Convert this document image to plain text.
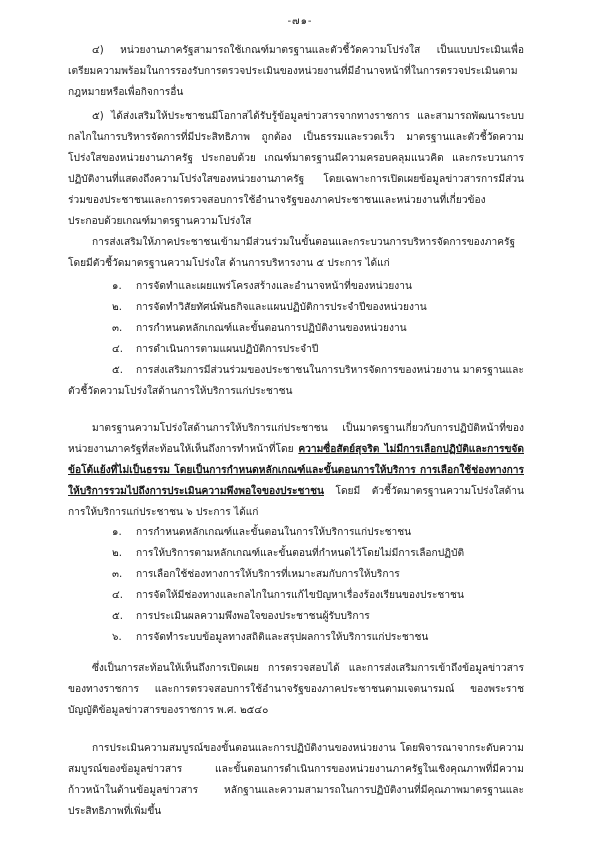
-๗๑-

๔) หน่วยงานภาครัฐสามารถใช้เกณฑ์มาตรฐานและตัวชี้วัดความโปร่งใส เป็นแบบประเมินเพื่อเตรียมความพร้อมในการรองรับการตรวจประเมินของหน่วยงานที่มีอำนาจหน้าที่ในการตรวจประเมินตามกฎหมายหรือเพื่อกิจการอื่น

๕) ได้ส่งเสริมให้ประชาชนมีโอกาสได้รับรู้ข้อมูลข่าวสารจากทางราชการ และสามารถพัฒนาระบบกลไกในการบริหารจัดการที่มีประสิทธิภาพ ถูกต้อง เป็นธรรมและรวดเร็ว มาตรฐานและตัวชี้วัดความโปร่งใสของหน่วยงานภาครัฐ ประกอบด้วย เกณฑ์มาตรฐานมีความครอบคลุมแนวคิด และกระบวนการปฏิบัติงานที่แสดงถึงความโปร่งใสของหน่วยงานภาครัฐ โดยเฉพาะการเปิดเผยข้อมูลข่าวสารการมีส่วนร่วมของประชาชนและการตรวจสอบการใช้อำนาจรัฐของภาคประชาชนและหน่วยงานที่เกี่ยวข้อง ประกอบด้วยเกณฑ์มาตรฐานความโปร่งใส

การส่งเสริมให้ภาคประชาชนเข้ามามีส่วนร่วมในขั้นตอนและกระบวนการบริหารจัดการของภาครัฐ โดยมีตัวชี้วัดมาตรฐานความโปร่งใส ด้านการบริหารงาน ๕ ประการ ได้แก่

๑.	การจัดทำและเผยแพร่โครงสร้างและอำนาจหน้าที่ของหน่วยงาน
๒.	การจัดทำวิสัยทัศน์พันธกิจและแผนปฏิบัติการประจำปีของหน่วยงาน
๓.	การกำหนดหลักเกณฑ์และขั้นตอนการปฏิบัติงานของหน่วยงาน
๔.	การดำเนินการตามแผนปฏิบัติการประจำปี
๕.	การส่งเสริมการมีส่วนร่วมของประชาชนในการบริหารจัดการของหน่วยงาน มาตรฐานและ

ตัวชี้วัดความโปร่งใสด้านการให้บริการแก่ประชาชน

มาตรฐานความโปร่งใสด้านการให้บริการแก่ประชาชน เป็นมาตรฐานเกี่ยวกับการปฏิบัติหน้าที่ของหน่วยงานภาครัฐที่สะท้อนให้เห็นถึงการทำหน้าที่โดย ความซื่อสัตย์สุจริต ไม่มีการเลือกปฏิบัติและการขจัดข้อโต้แย้งที่ไม่เป็นธรรม โดยเป็นการกำหนดหลักเกณฑ์และขั้นตอนการให้บริการ การเลือกใช้ช่องทางการให้บริการรวมไปถึงการประเมินความพึงพอใจของประชาชน โดยมี ตัวชี้วัดมาตรฐานความโปร่งใสด้านการให้บริการแก่ประชาชน ๖ ประการ ได้แก่

๑.	การกำหนดหลักเกณฑ์และขั้นตอนในการให้บริการแก่ประชาชน
๒.	การให้บริการตามหลักเกณฑ์และขั้นตอนที่กำหนดไว้โดยไม่มีการเลือกปฏิบัติ
๓.	การเลือกใช้ช่องทางการให้บริการที่เหมาะสมกับการให้บริการ
๔.	การจัดให้มีช่องทางและกลไกในการแก้ไขปัญหาเรื่องร้องเรียนของประชาชน
๕.	การประเมินผลความพึงพอใจของประชาชนผู้รับบริการ
๖.	การจัดทำระบบข้อมูลทางสถิติและสรุปผลการให้บริการแก่ประชาชน

ซึ่งเป็นการสะท้อนให้เห็นถึงการเปิดเผย การตรวจสอบได้ และการส่งเสริมการเข้าถึงข้อมูลข่าวสารของทางราชการ และการตรวจสอบการใช้อำนาจรัฐของภาคประชาชนตามเจตนารมณ์ ของพระราชบัญญัติข้อมูลข่าวสารของราชการ พ.ศ. ๒๕๔๐

การประเมินความสมบูรณ์ของขั้นตอนและการปฏิบัติงานของหน่วยงาน โดยพิจารณาจากระดับความสมบูรณ์ของข้อมูลข่าวสาร และขั้นตอนการดำเนินการของหน่วยงานภาครัฐในเชิงคุณภาพที่มีความก้าวหน้าในด้านข้อมูลข่าวสาร หลักฐานและความสามารถในการปฏิบัติงานที่มีคุณภาพมาตรฐานและประสิทธิภาพที่เพิ่มขึ้น
